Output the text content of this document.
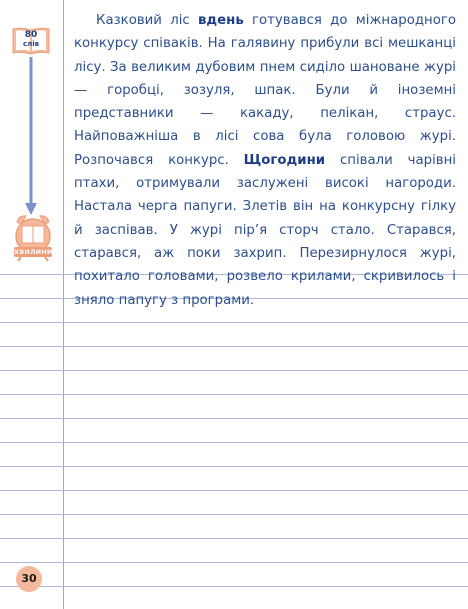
80
слів
ХВИЛИНИ

Казковий ліс вдень готувався до міжнародного конкурсу співаків. На галявину прибули всі мешканці лісу. За великим дубовим пнем сиділо шановане журі — горобці, зозуля, шпак. Були й іноземні представники — какаду, пелікан, страус. Найповажніша в лісі сова була головою журі. Розпочався конкурс. Щогодини співали чарівні птахи, отримували заслужені високі нагороди. Настала черга папуги. Злетів він на конкурсну гілку й заспівав. У журі пір’я сторч стало. Старався, старався, аж поки захрип. Перезирнулося журі, похитало головами, розвело крилами, скривилось і зняло папугу з програми.

30
